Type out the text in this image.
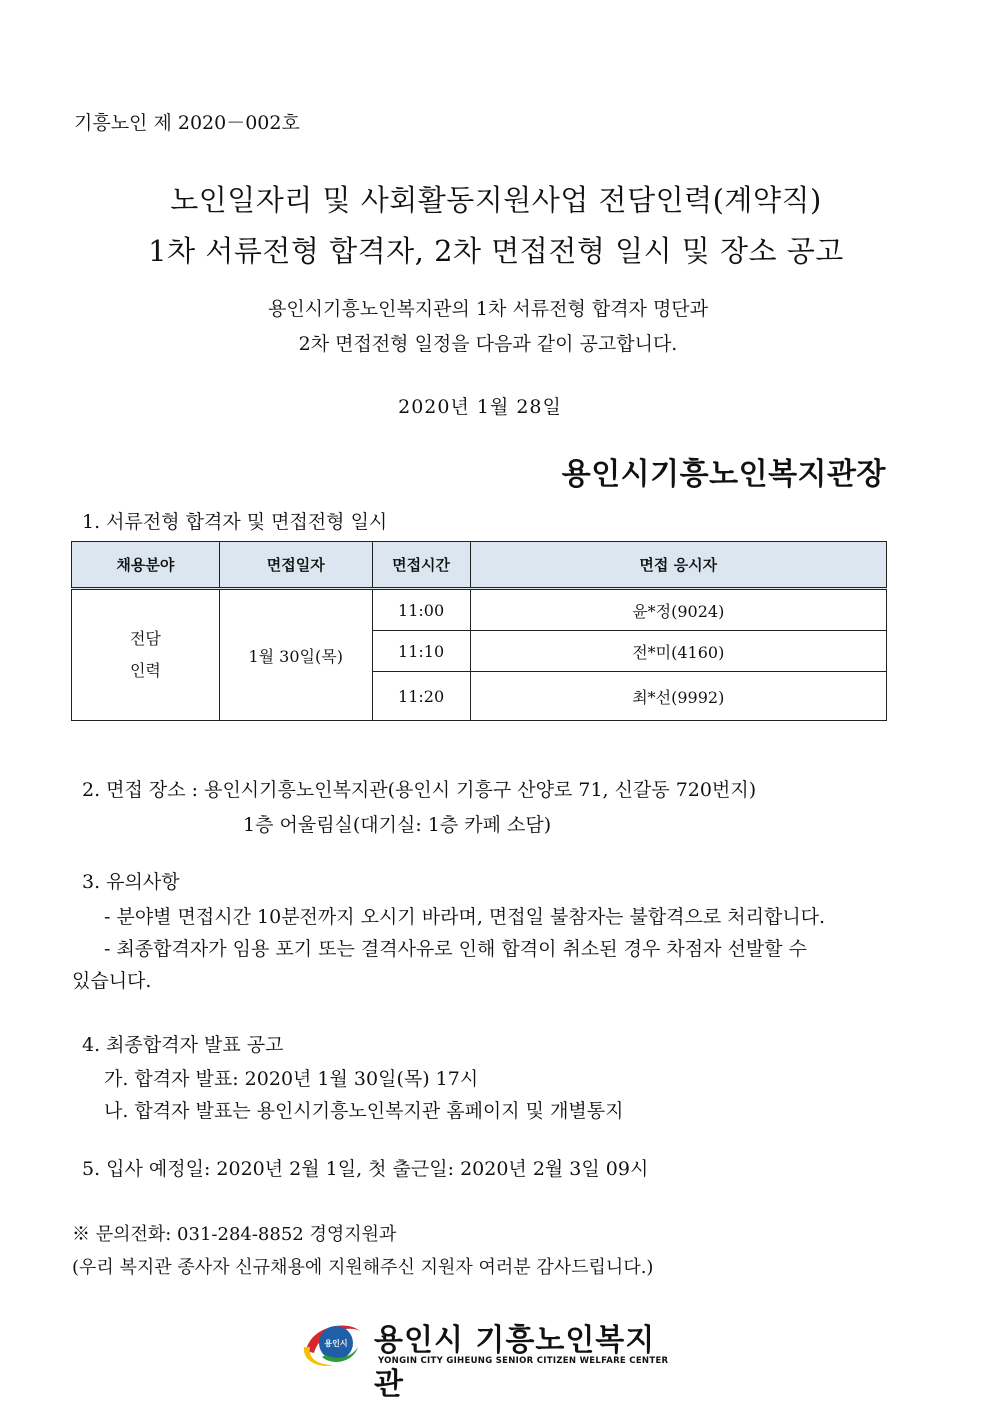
기흥노인 제 2020－002호
노인일자리 및 사회활동지원사업 전담인력(계약직)
1차 서류전형 합격자, 2차 면접전형 일시 및 장소 공고
용인시기흥노인복지관의 1차 서류전형 합격자 명단과
2차 면접전형 일정을 다음과 같이 공고합니다.
2020년 1월 28일
용인시기흥노인복지관장
1. 서류전형 합격자 및 면접전형 일시
채용분야	면접일자	면접시간	면접 응시자

전담
인력	1월 30일(목)	11:00	윤*정(9024)
		11:10	전*미(4160)
		11:20	최*선(9992)
2. 면접 장소 : 용인시기흥노인복지관(용인시 기흥구 산양로 71, 신갈동 720번지)
1층 어울림실(대기실: 1층 카페 소담)
3. 유의사항
- 분야별 면접시간 10분전까지 오시기 바라며, 면접일 불참자는 불합격으로 처리합니다.
- 최종합격자가 임용 포기 또는 결격사유로 인해 합격이 취소된 경우 차점자 선발할 수
있습니다.
4. 최종합격자 발표 공고
가. 합격자 발표: 2020년 1월 30일(목) 17시
나. 합격자 발표는 용인시기흥노인복지관 홈페이지 및 개별통지
5. 입사 예정일: 2020년 2월 1일, 첫 출근일: 2020년 2월 3일 09시
※ 문의전화: 031-284-8852 경영지원과
(우리 복지관 종사자 신규채용에 지원해주신 지원자 여러분 감사드립니다.)
용인시 용인시 기흥노인복지관
YONGIN CITY GIHEUNG SENIOR CITIZEN WELFARE CENTER
